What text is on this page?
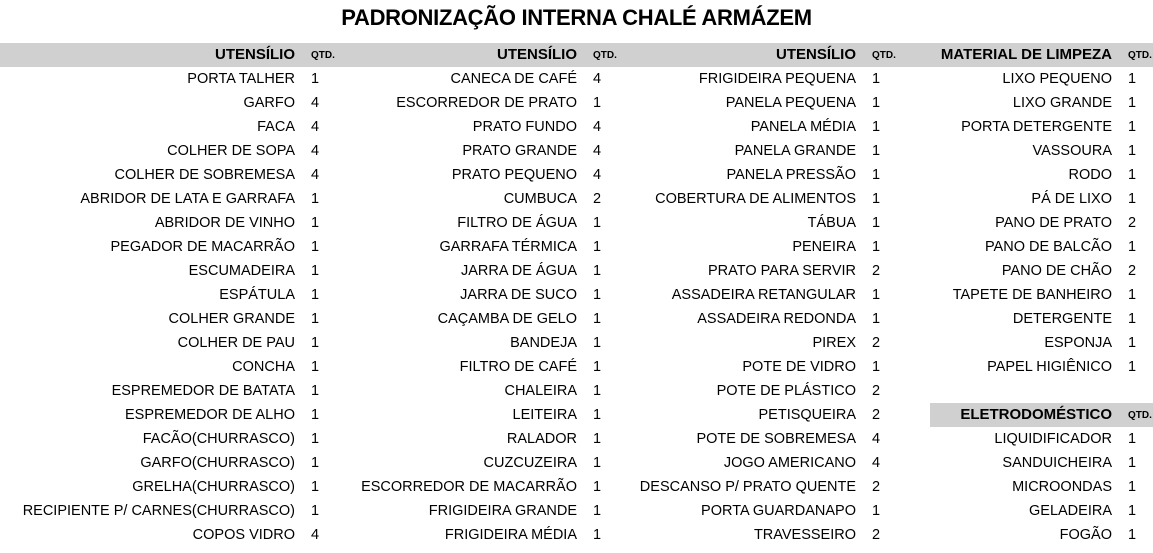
PADRONIZAÇÃO INTERNA CHALÉ ARMÁZEM
UTENSÍLIO QTD.
PORTA TALHER 1
GARFO 4
FACA 4
COLHER DE SOPA 4
COLHER DE SOBREMESA 4
ABRIDOR DE LATA E GARRAFA 1
ABRIDOR DE VINHO 1
PEGADOR DE MACARRÃO 1
ESCUMADEIRA 1
ESPÁTULA 1
COLHER GRANDE 1
COLHER DE PAU 1
CONCHA 1
ESPREMEDOR DE BATATA 1
ESPREMEDOR DE ALHO 1
FACÃO(CHURRASCO) 1
GARFO(CHURRASCO) 1
GRELHA(CHURRASCO) 1
RECIPIENTE P/ CARNES(CHURRASCO) 1
COPOS VIDRO 4
UTENSÍLIO QTD.
CANECA DE CAFÉ 4
ESCORREDOR DE PRATO 1
PRATO FUNDO 4
PRATO GRANDE 4
PRATO PEQUENO 4
CUMBUCA 2
FILTRO DE ÁGUA 1
GARRAFA TÉRMICA 1
JARRA DE ÁGUA 1
JARRA DE SUCO 1
CAÇAMBA DE GELO 1
BANDEJA 1
FILTRO DE CAFÉ 1
CHALEIRA 1
LEITEIRA 1
RALADOR 1
CUZCUZEIRA 1
ESCORREDOR DE MACARRÃO 1
FRIGIDEIRA GRANDE 1
FRIGIDEIRA MÉDIA 1
UTENSÍLIO QTD.
FRIGIDEIRA PEQUENA 1
PANELA PEQUENA 1
PANELA MÉDIA 1
PANELA GRANDE 1
PANELA PRESSÃO 1
COBERTURA DE ALIMENTOS 1
TÁBUA 1
PENEIRA 1
PRATO PARA SERVIR 2
ASSADEIRA RETANGULAR 1
ASSADEIRA REDONDA 1
PIREX 2
POTE DE VIDRO 1
POTE DE PLÁSTICO 2
PETISQUEIRA 2
POTE DE SOBREMESA 4
JOGO AMERICANO 4
DESCANSO P/ PRATO QUENTE 2
PORTA GUARDANAPO 1
TRAVESSEIRO 2
MATERIAL DE LIMPEZA QTD.
LIXO PEQUENO 1
LIXO GRANDE 1
PORTA DETERGENTE 1
VASSOURA 1
RODO 1
PÁ DE LIXO 1
PANO DE PRATO 2
PANO DE BALCÃO 1
PANO DE CHÃO 2
TAPETE DE BANHEIRO 1
DETERGENTE 1
ESPONJA 1
PAPEL HIGIÊNICO 1
ELETRODOMÉSTICO QTD.
LIQUIDIFICADOR 1
SANDUICHEIRA 1
MICROONDAS 1
GELADEIRA 1
FOGÃO 1
